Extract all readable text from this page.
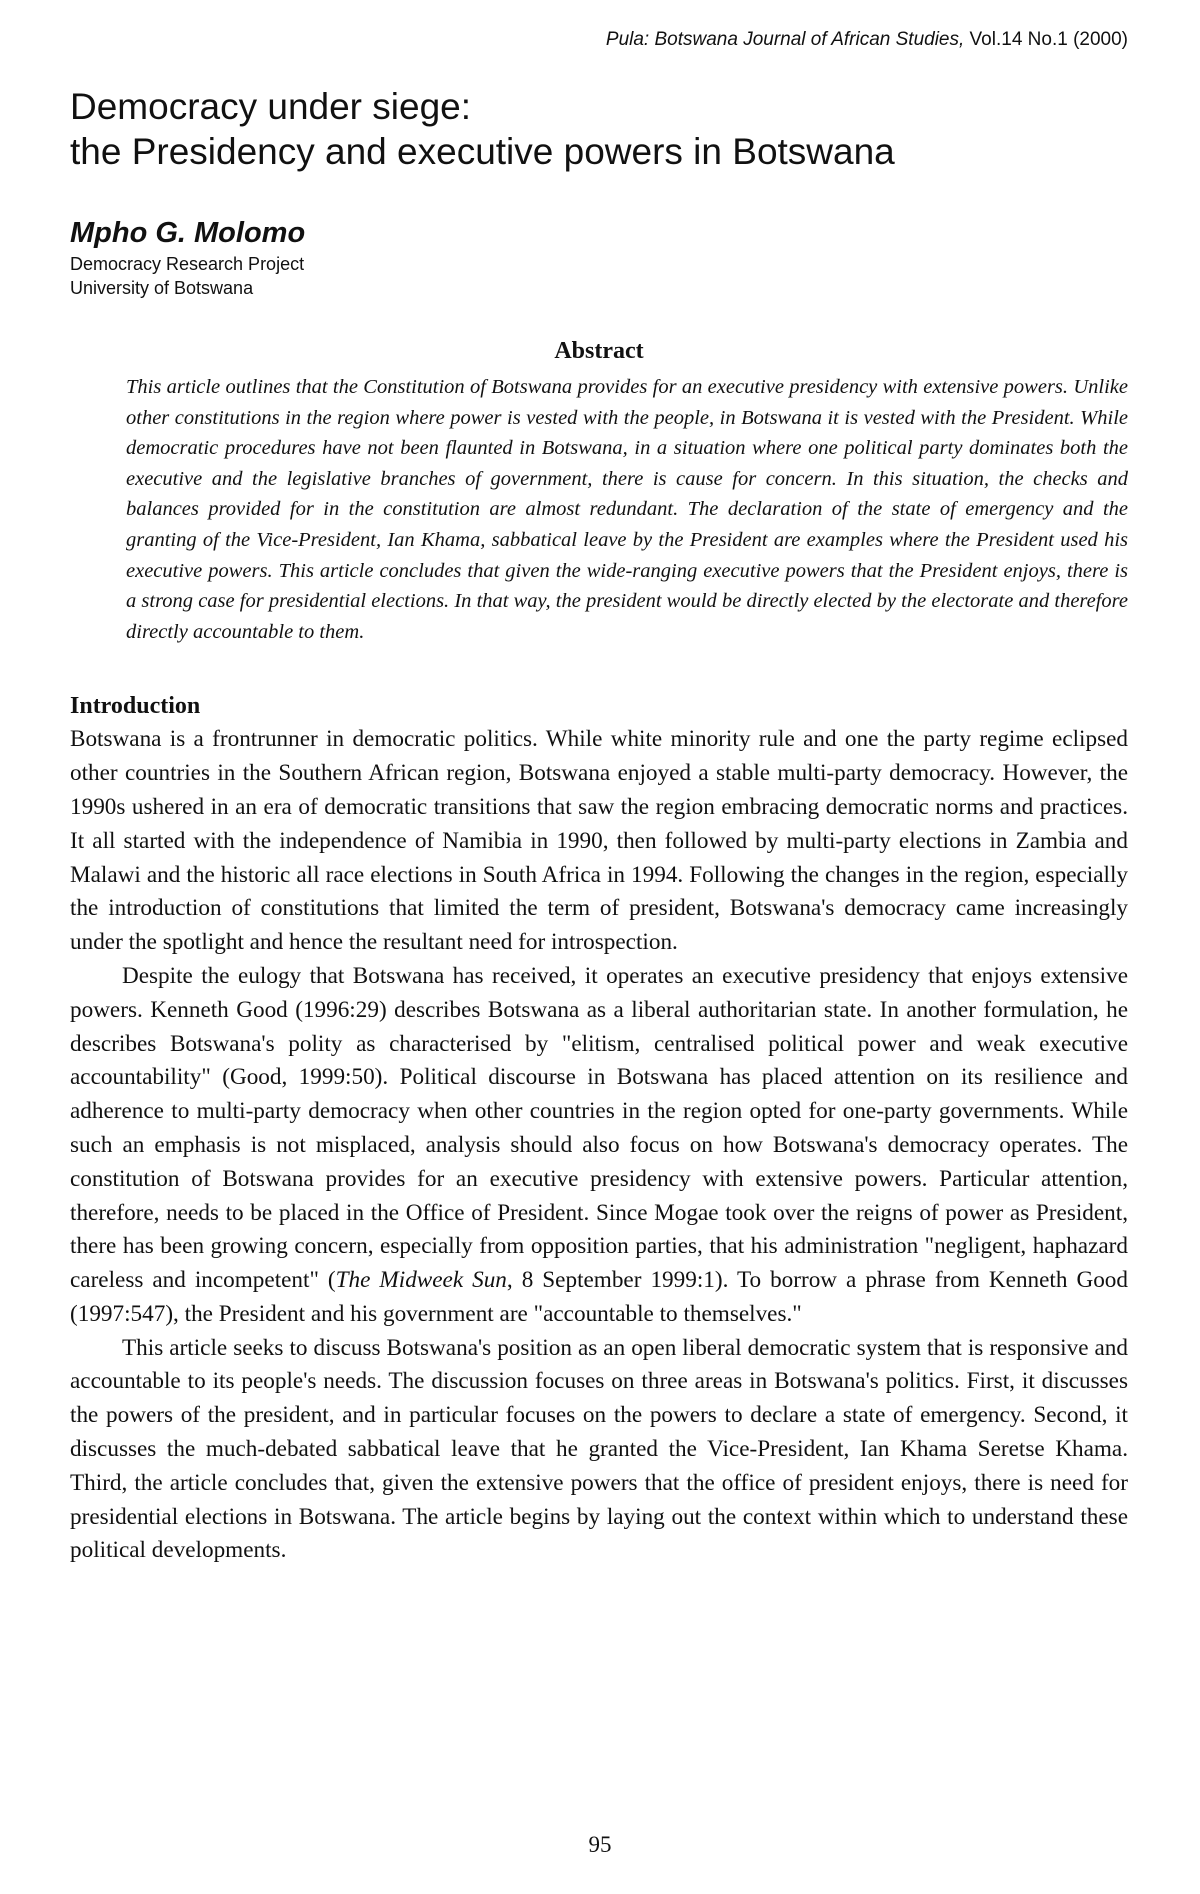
Pula: Botswana Journal of African Studies, Vol.14 No.1 (2000)

Democracy under siege:
the Presidency and executive powers in Botswana
Mpho G. Molomo

Democracy Research Project

University of Botswana

Abstract

This article outlines that the Constitution of Botswana provides for an executive presidency with extensive powers. Unlike other constitutions in the region where power is vested with the people, in Botswana it is vested with the President. While democratic procedures have not been flaunted in Botswana, in a situation where one political party dominates both the executive and the legislative branches of government, there is cause for concern. In this situation, the checks and balances provided for in the constitution are almost redundant. The declaration of the state of emergency and the granting of the Vice-President, Ian Khama, sabbatical leave by the President are examples where the President used his executive powers. This article concludes that given the wide-ranging executive powers that the President enjoys, there is a strong case for presidential elections. In that way, the president would be directly elected by the electorate and therefore directly accountable to them.

Introduction

Botswana is a frontrunner in democratic politics. While white minority rule and one the party regime eclipsed other countries in the Southern African region, Botswana enjoyed a stable multi-party democracy. However, the 1990s ushered in an era of democratic transitions that saw the region embracing democratic norms and practices. It all started with the independence of Namibia in 1990, then followed by multi-party elections in Zambia and Malawi and the historic all race elections in South Africa in 1994. Following the changes in the region, especially the introduction of constitutions that limited the term of president, Botswana's democracy came increasingly under the spotlight and hence the resultant need for introspection.

Despite the eulogy that Botswana has received, it operates an executive presidency that enjoys extensive powers. Kenneth Good (1996:29) describes Botswana as a liberal authoritarian state. In another formulation, he describes Botswana's polity as characterised by "elitism, centralised political power and weak executive accountability" (Good, 1999:50). Political discourse in Botswana has placed attention on its resilience and adherence to multi-party democracy when other countries in the region opted for one-party governments. While such an emphasis is not misplaced, analysis should also focus on how Botswana's democracy operates. The constitution of Botswana provides for an executive presidency with extensive powers. Particular attention, therefore, needs to be placed in the Office of President. Since Mogae took over the reigns of power as President, there has been growing concern, especially from opposition parties, that his administration "negligent, haphazard careless and incompetent" (The Midweek Sun, 8 September 1999:1). To borrow a phrase from Kenneth Good (1997:547), the President and his government are "accountable to themselves."

This article seeks to discuss Botswana's position as an open liberal democratic system that is responsive and accountable to its people's needs. The discussion focuses on three areas in Botswana's politics. First, it discusses the powers of the president, and in particular focuses on the powers to declare a state of emergency. Second, it discusses the much-debated sabbatical leave that he granted the Vice-President, Ian Khama Seretse Khama. Third, the article concludes that, given the extensive powers that the office of president enjoys, there is need for presidential elections in Botswana. The article begins by laying out the context within which to understand these political developments.

95
